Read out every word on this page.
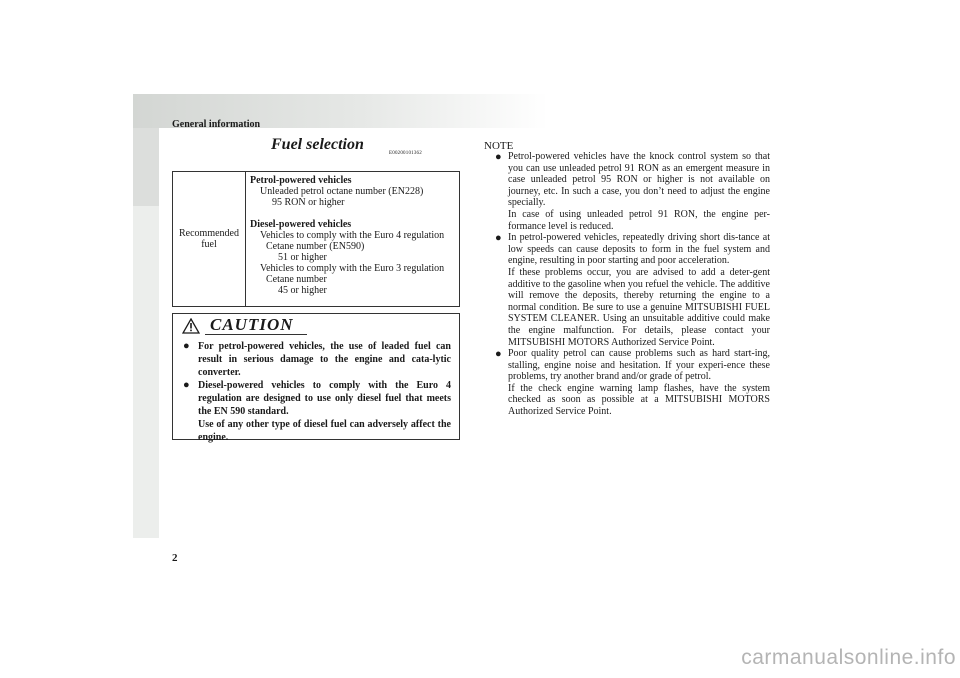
General information
Fuel selection
E00200101362
Recommended fuel
Petrol-powered vehicles
Unleaded petrol octane number (EN228)
95 RON or higher
Diesel-powered vehicles
Vehicles to comply with the Euro 4 regulation
Cetane number (EN590)
51 or higher
Vehicles to comply with the Euro 3 regulation
Cetane number
45 or higher
CAUTION
● For petrol-powered vehicles, the use of leaded fuel can result in serious damage to the engine and cata-lytic converter.
● Diesel-powered vehicles to comply with the Euro 4 regulation are designed to use only diesel fuel that meets the EN 590 standard.
Use of any other type of diesel fuel can adversely affect the engine.
NOTE
● Petrol-powered vehicles have the knock control system so that you can use unleaded petrol 91 RON as an emergent measure in case unleaded petrol 95 RON or higher is not available on journey, etc. In such a case, you don’t need to adjust the engine specially.

In case of using unleaded petrol 91 RON, the engine per-formance level is reduced.

● In petrol-powered vehicles, repeatedly driving short dis-tance at low speeds can cause deposits to form in the fuel system and engine, resulting in poor starting and poor acceleration.

If these problems occur, you are advised to add a deter-gent additive to the gasoline when you refuel the vehicle. The additive will remove the deposits, thereby returning the engine to a normal condition. Be sure to use a genuine MITSUBISHI FUEL SYSTEM CLEANER. Using an unsuitable additive could make the engine malfunction. For details, please contact your MITSUBISHI MOTORS Authorized Service Point.

● Poor quality petrol can cause problems such as hard start-ing, stalling, engine noise and hesitation. If your experi-ence these problems, try another brand and/or grade of petrol.

If the check engine warning lamp flashes, have the system checked as soon as possible at a MITSUBISHI MOTORS Authorized Service Point.

2
carmanualsonline.info
